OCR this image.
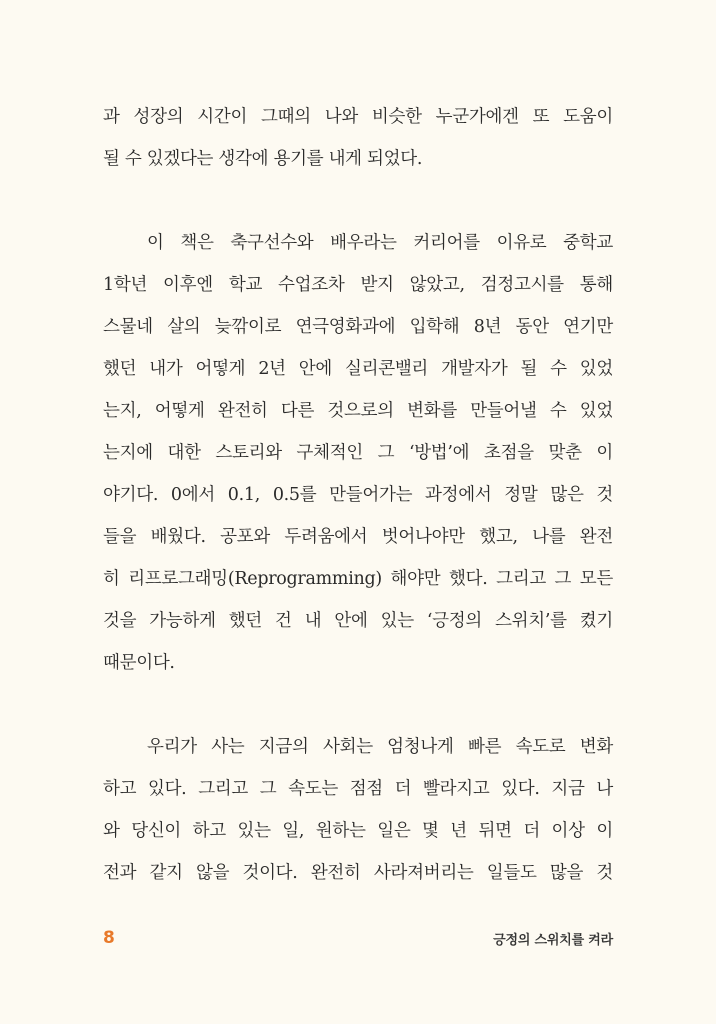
과 성장의 시간이 그때의 나와 비슷한 누군가에겐 또 도움이
될 수 있겠다는 생각에 용기를 내게 되었다.
이 책은 축구선수와 배우라는 커리어를 이유로 중학교
1학년 이후엔 학교 수업조차 받지 않았고, 검정고시를 통해
스물네 살의 늦깎이로 연극영화과에 입학해 8년 동안 연기만
했던 내가 어떻게 2년 안에 실리콘밸리 개발자가 될 수 있었
는지, 어떻게 완전히 다른 것으로의 변화를 만들어낼 수 있었
는지에 대한 스토리와 구체적인 그 ‘방법’에 초점을 맞춘 이
야기다. 0에서 0.1, 0.5를 만들어가는 과정에서 정말 많은 것
들을 배웠다. 공포와 두려움에서 벗어나야만 했고, 나를 완전
히 리프로그래밍(Reprogramming) 해야만 했다. 그리고 그 모든
것을 가능하게 했던 건 내 안에 있는 ‘긍정의 스위치’를 켰기
때문이다.
우리가 사는 지금의 사회는 엄청나게 빠른 속도로 변화
하고 있다. 그리고 그 속도는 점점 더 빨라지고 있다. 지금 나
와 당신이 하고 있는 일, 원하는 일은 몇 년 뒤면 더 이상 이
전과 같지 않을 것이다. 완전히 사라져버리는 일들도 많을 것
8	긍정의 스위치를 켜라
